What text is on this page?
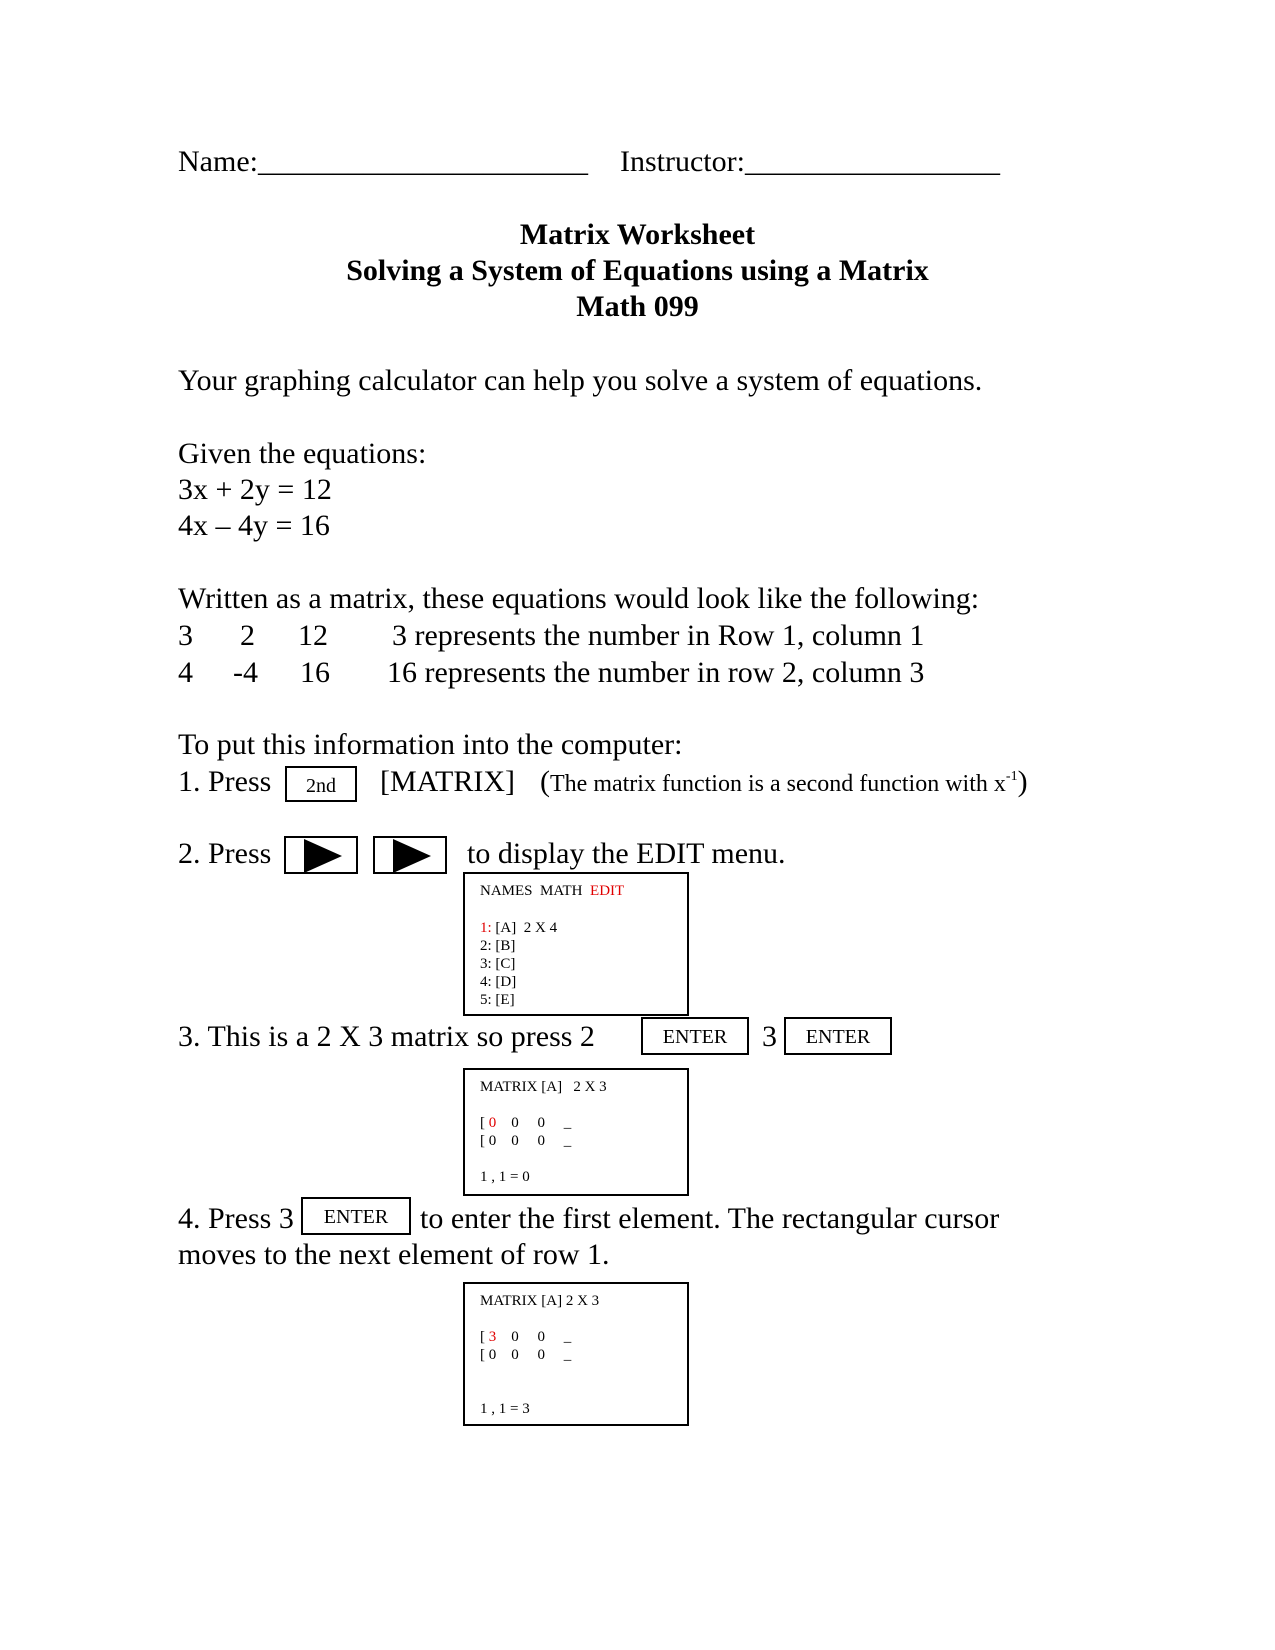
Name:______________________ Instructor:_________________
Matrix Worksheet
Solving a System of Equations using a Matrix
Math 099
Your graphing calculator can help you solve a system of equations.
Given the equations:
3x + 2y = 12
4x – 4y = 16
Written as a matrix, these equations would look like the following:
3 2 12 3 represents the number in Row 1, column 1
4 -4 16 16 represents the number in row 2, column 3
To put this information into the computer:
1. Press	2nd	[MATRIX] (The matrix function is a second function with $x^{-1}$)
2. Press	to display the EDIT menu.
NAMES MATH EDIT
1: [A]  2 X 4
2: [B]
3: [C]
4: [D]
5: [E]
3. This is a 2 X 3 matrix so press 2	ENTER	3	ENTER
MATRIX [A]   2 X 3
[ 0    0     0     _
[ 0    0     0     _
1 , 1 = 0
4. Press 3	ENTER	to enter the first element. The rectangular cursor
moves to the next element of row 1.
MATRIX [A] 2 X 3
[ 3    0     0     _
[ 0    0     0     _
1 , 1 = 3
